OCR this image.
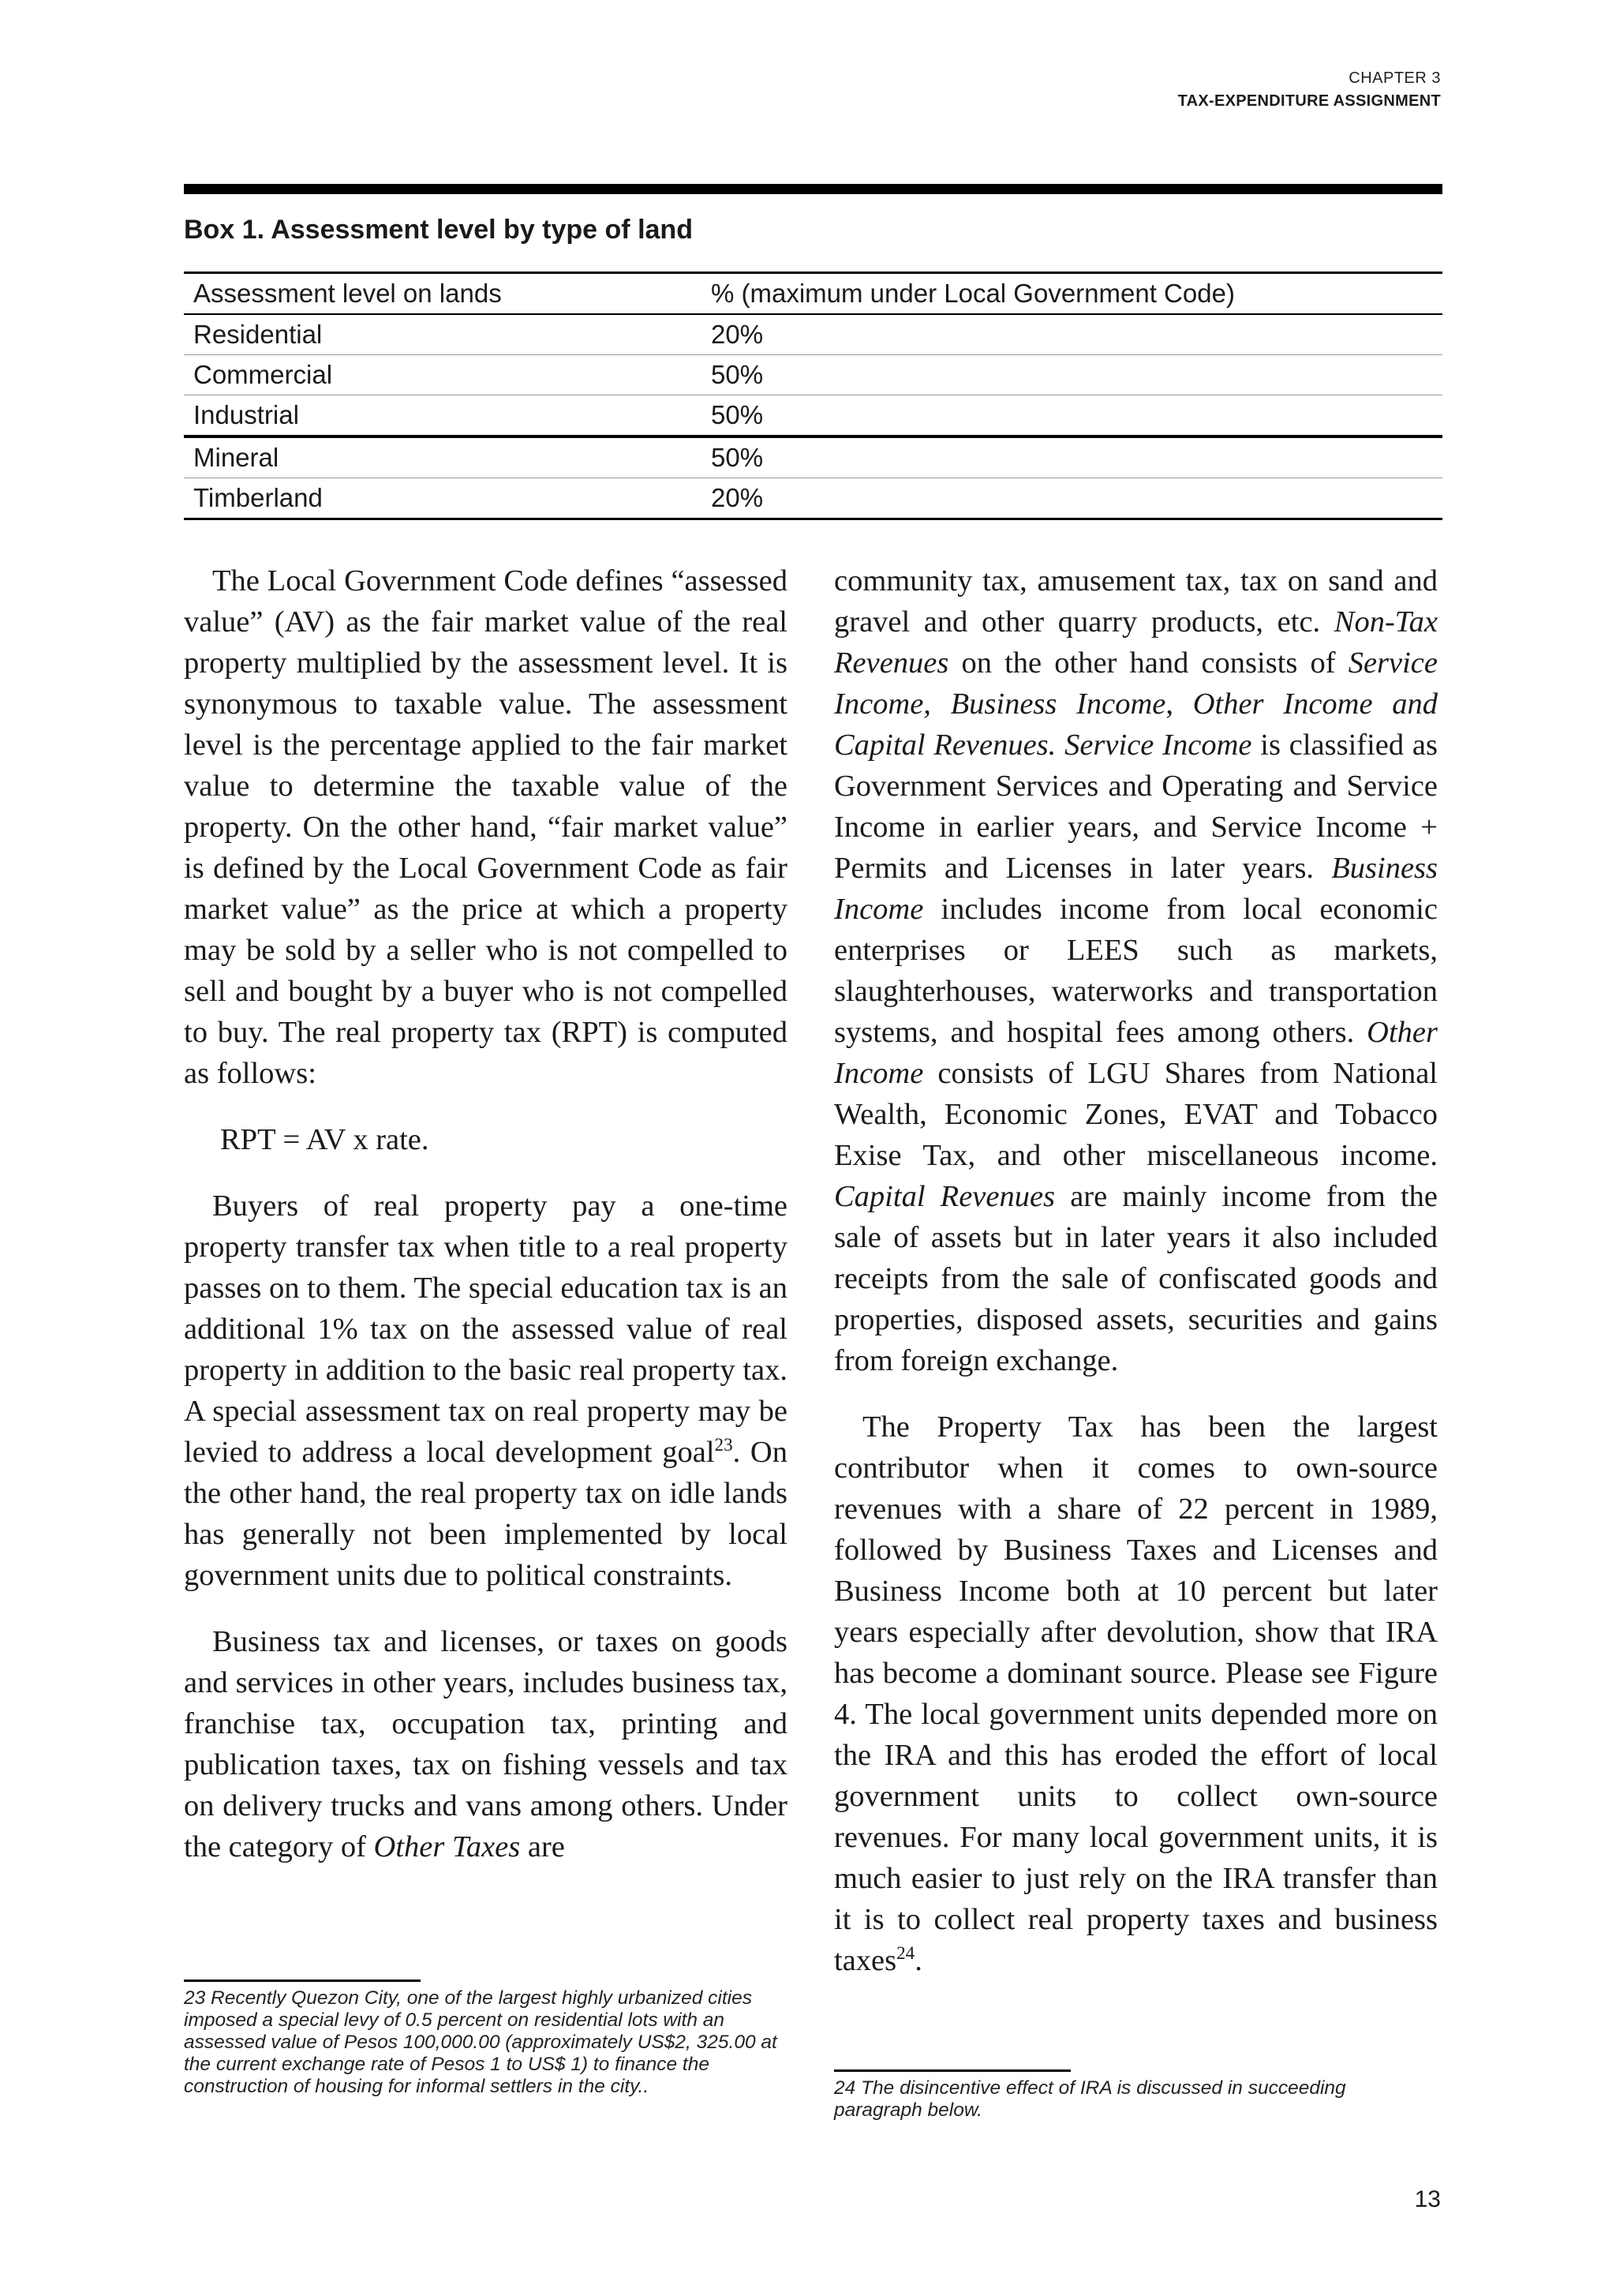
CHAPTER 3
TAX-EXPENDITURE ASSIGNMENT
Box 1. Assessment level by type of land
Assessment level on lands	% (maximum under Local Government Code)
Residential	20%
Commercial	50%
Industrial	50%
Mineral	50%
Timberland	20%

The Local Government Code defines “assessed value” (AV) as the fair market value of the real property multiplied by the assessment level. It is synonymous to taxable value. The assessment level is the percentage applied to the fair market value to determine the taxable value of the property. On the other hand, “fair market value” is defined by the Local Government Code as fair market value” as the price at which a property may be sold by a seller who is not compelled to sell and bought by a buyer who is not compelled to buy. The real property tax (RPT) is computed as follows:

RPT = AV x rate.

Buyers of real property pay a one-time property transfer tax when title to a real property passes on to them. The special education tax is an additional 1% tax on the assessed value of real property in addition to the basic real property tax. A special assessment tax on real property may be levied to address a local development goal$^{23}$. On the other hand, the real property tax on idle lands has generally not been implemented by local government units due to political constraints.

Business tax and licenses, or taxes on goods and services in other years, includes business tax, franchise tax, occupation tax, printing and publication taxes, tax on fishing vessels and tax on delivery trucks and vans among others. Under the category of Other Taxes are

community tax, amusement tax, tax on sand and gravel and other quarry products, etc. Non-Tax Revenues on the other hand consists of Service Income, Business Income, Other Income and Capital Revenues. Service Income is classified as Government Services and Operating and Service Income in earlier years, and Service Income + Permits and Licenses in later years. Business Income includes income from local economic enterprises or LEES such as markets, slaughterhouses, waterworks and transportation systems, and hospital fees among others. Other Income consists of LGU Shares from National Wealth, Economic Zones, EVAT and Tobacco Exise Tax, and other miscellaneous income. Capital Revenues are mainly income from the sale of assets but in later years it also included receipts from the sale of confiscated goods and properties, disposed assets, securities and gains from foreign exchange.

The Property Tax has been the largest contributor when it comes to own-source revenues with a share of 22 percent in 1989, followed by Business Taxes and Licenses and Business Income both at 10 percent but later years especially after devolution, show that IRA has become a dominant source. Please see Figure 4. The local government units depended more on the IRA and this has eroded the effort of local government units to collect own-source revenues. For many local government units, it is much easier to just rely on the IRA transfer than it is to collect real property taxes and business taxes$^{24}$.

23 Recently Quezon City, one of the largest highly urbanized cities imposed a special levy of 0.5 percent on residential lots with an assessed value of Pesos 100,000.00 (approximately US$2, 325.00 at the current exchange rate of Pesos 1 to US$ 1) to finance the construction of housing for informal settlers in the city..	24 The disincentive effect of IRA is discussed in succeeding paragraph below.
13
